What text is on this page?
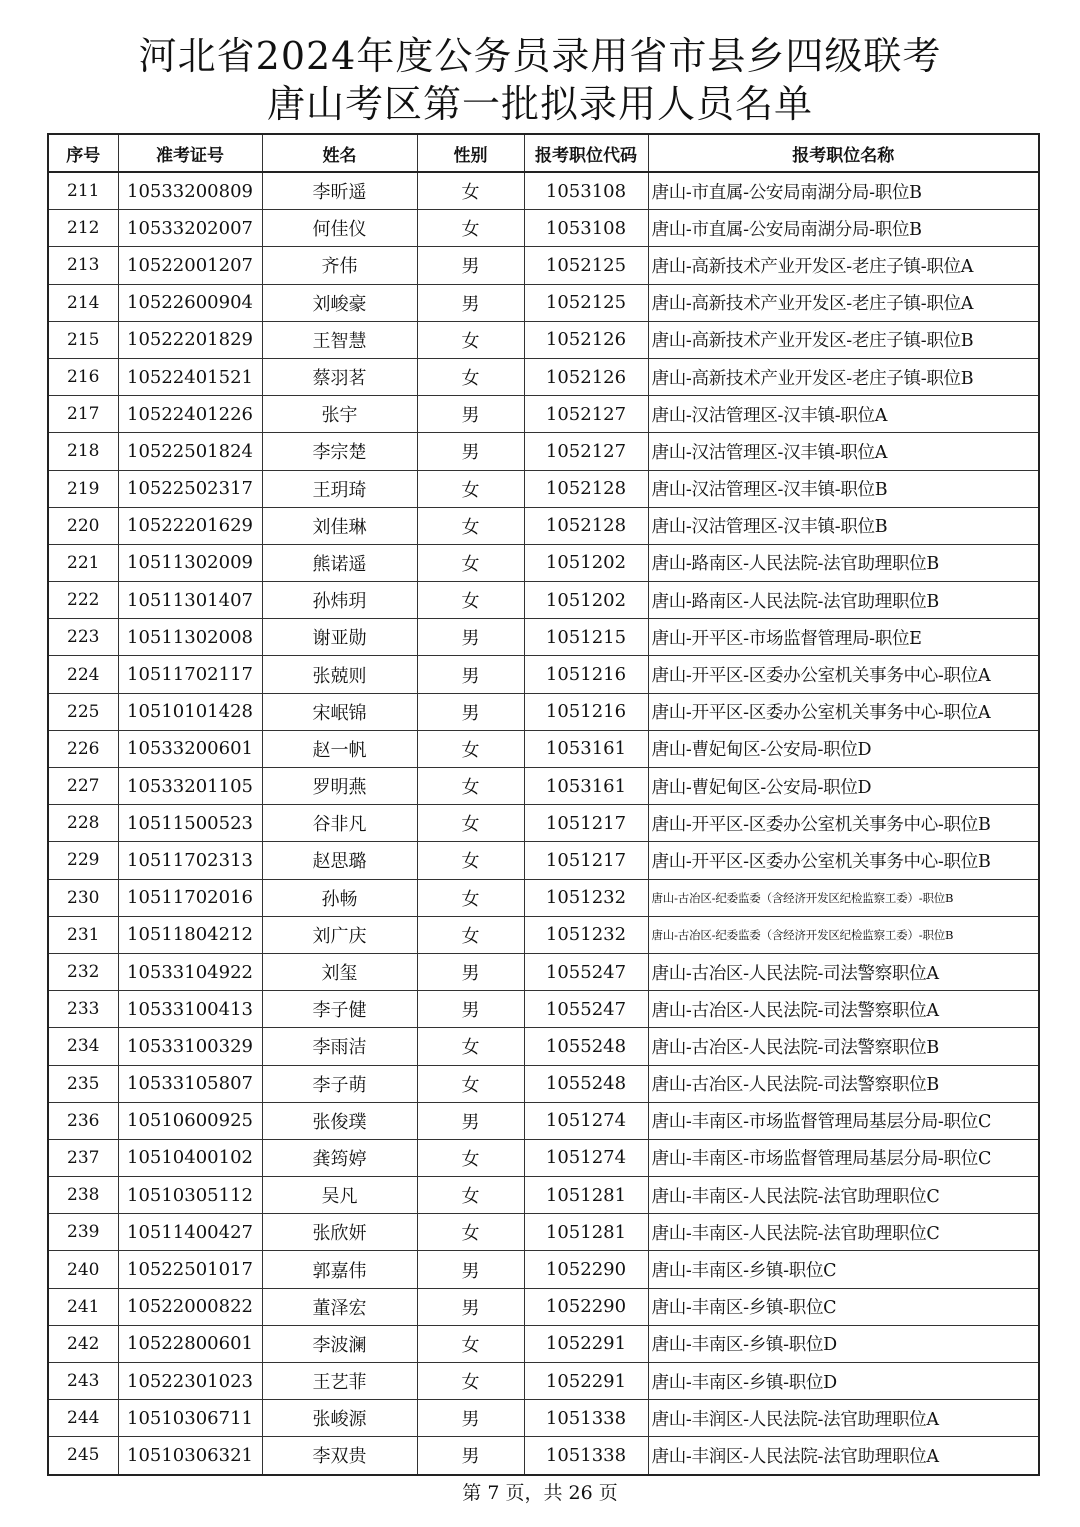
河北省2024年度公务员录用省市县乡四级联考
唐山考区第一批拟录用人员名单
序号	准考证号	姓名	性别	报考职位代码	报考职位名称
211	10533200809	李昕遥	女	1053108	唐山-市直属-公安局南湖分局-职位B
212	10533202007	何佳仪	女	1053108	唐山-市直属-公安局南湖分局-职位B
213	10522001207	齐伟	男	1052125	唐山-高新技术产业开发区-老庄子镇-职位A
214	10522600904	刘峻豪	男	1052125	唐山-高新技术产业开发区-老庄子镇-职位A
215	10522201829	王智慧	女	1052126	唐山-高新技术产业开发区-老庄子镇-职位B
216	10522401521	蔡羽茗	女	1052126	唐山-高新技术产业开发区-老庄子镇-职位B
217	10522401226	张宇	男	1052127	唐山-汉沽管理区-汉丰镇-职位A
218	10522501824	李宗楚	男	1052127	唐山-汉沽管理区-汉丰镇-职位A
219	10522502317	王玥琦	女	1052128	唐山-汉沽管理区-汉丰镇-职位B
220	10522201629	刘佳琳	女	1052128	唐山-汉沽管理区-汉丰镇-职位B
221	10511302009	熊诺遥	女	1051202	唐山-路南区-人民法院-法官助理职位B
222	10511301407	孙炜玥	女	1051202	唐山-路南区-人民法院-法官助理职位B
223	10511302008	谢亚勋	男	1051215	唐山-开平区-市场监督管理局-职位E
224	10511702117	张兢则	男	1051216	唐山-开平区-区委办公室机关事务中心-职位A
225	10510101428	宋岷锦	男	1051216	唐山-开平区-区委办公室机关事务中心-职位A
226	10533200601	赵一帆	女	1053161	唐山-曹妃甸区-公安局-职位D
227	10533201105	罗明燕	女	1053161	唐山-曹妃甸区-公安局-职位D
228	10511500523	谷非凡	女	1051217	唐山-开平区-区委办公室机关事务中心-职位B
229	10511702313	赵思璐	女	1051217	唐山-开平区-区委办公室机关事务中心-职位B
230	10511702016	孙畅	女	1051232	唐山-古冶区-纪委监委（含经济开发区纪检监察工委）-职位B
231	10511804212	刘广庆	女	1051232	唐山-古冶区-纪委监委（含经济开发区纪检监察工委）-职位B
232	10533104922	刘玺	男	1055247	唐山-古冶区-人民法院-司法警察职位A
233	10533100413	李子健	男	1055247	唐山-古冶区-人民法院-司法警察职位A
234	10533100329	李雨洁	女	1055248	唐山-古冶区-人民法院-司法警察职位B
235	10533105807	李子萌	女	1055248	唐山-古冶区-人民法院-司法警察职位B
236	10510600925	张俊璞	男	1051274	唐山-丰南区-市场监督管理局基层分局-职位C
237	10510400102	龚筠婷	女	1051274	唐山-丰南区-市场监督管理局基层分局-职位C
238	10510305112	吴凡	女	1051281	唐山-丰南区-人民法院-法官助理职位C
239	10511400427	张欣妍	女	1051281	唐山-丰南区-人民法院-法官助理职位C
240	10522501017	郭嘉伟	男	1052290	唐山-丰南区-乡镇-职位C
241	10522000822	董泽宏	男	1052290	唐山-丰南区-乡镇-职位C
242	10522800601	李波澜	女	1052291	唐山-丰南区-乡镇-职位D
243	10522301023	王艺菲	女	1052291	唐山-丰南区-乡镇-职位D
244	10510306711	张峻源	男	1051338	唐山-丰润区-人民法院-法官助理职位A
245	10510306321	李双贵	男	1051338	唐山-丰润区-人民法院-法官助理职位A
第 7 页，共 26 页
